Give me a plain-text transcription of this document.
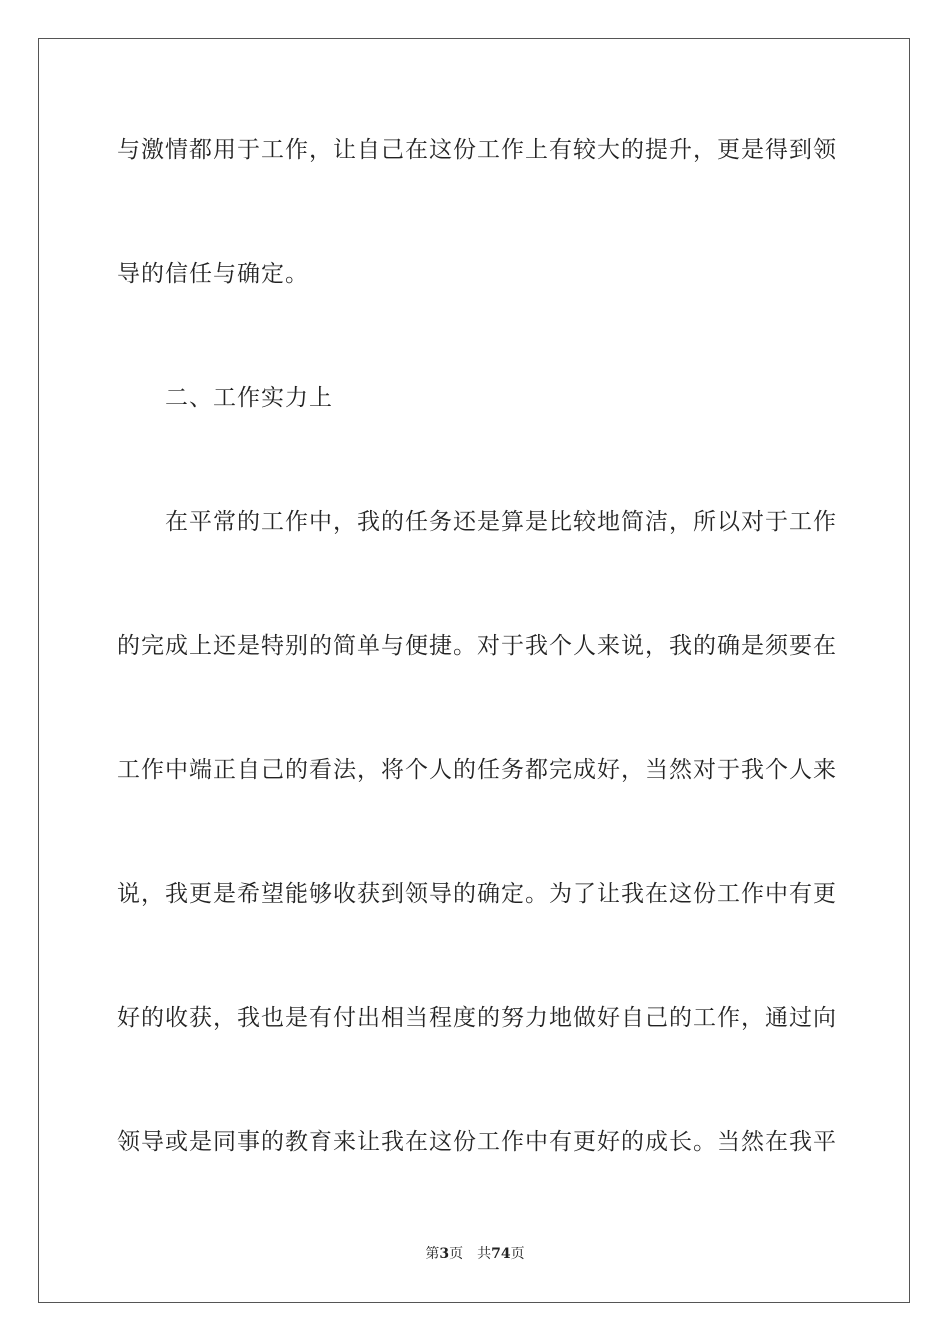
与激情都用于工作，让自己在这份工作上有较大的提升，更是得到领
导的信任与确定。
二、工作实力上
在平常的工作中，我的任务还是算是比较地简洁，所以对于工作
的完成上还是特别的简单与便捷。对于我个人来说，我的确是须要在
工作中端正自己的看法，将个人的任务都完成好，当然对于我个人来
说，我更是希望能够收获到领导的确定。为了让我在这份工作中有更
好的收获，我也是有付出相当程度的努力地做好自己的工作，通过向
领导或是同事的教育来让我在这份工作中有更好的成长。当然在我平
第3页 共74页
